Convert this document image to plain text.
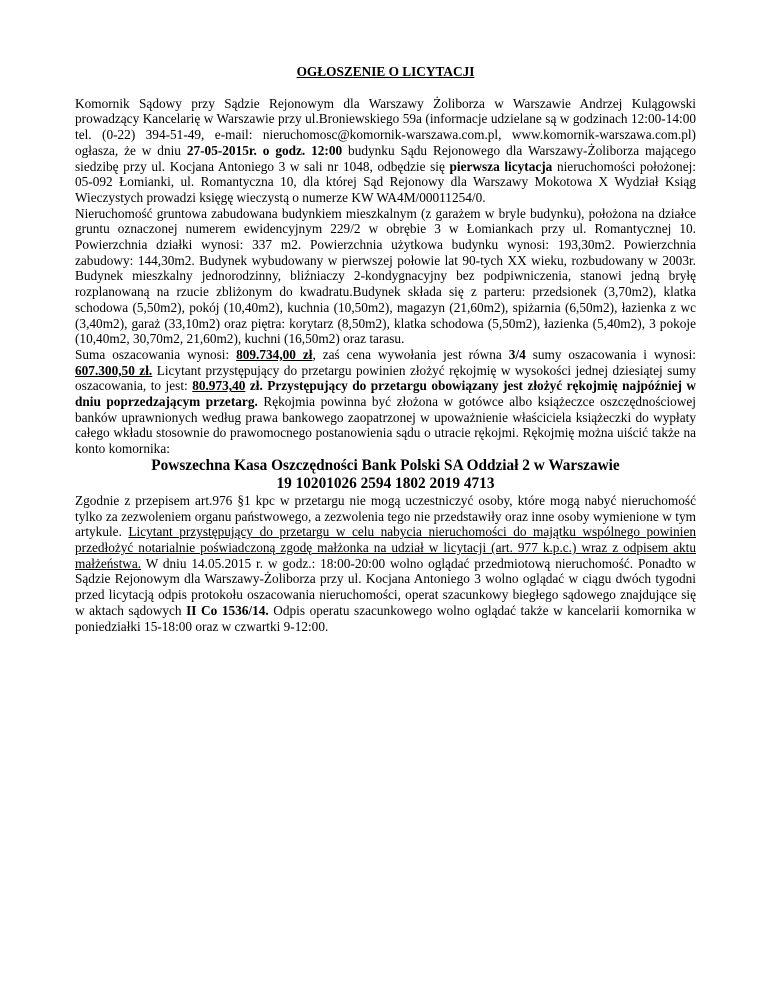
OGŁOSZENIE O LICYTACJI

Komornik Sądowy przy Sądzie Rejonowym dla Warszawy Żoliborza w Warszawie Andrzej Kulągowski prowadzący Kancelarię w Warszawie przy ul.Broniewskiego 59a (informacje udzielane są w godzinach 12:00-14:00 tel. (0-22) 394-51-49, e-mail: nieruchomosc@komornik-warszawa.com.pl, www.komornik-warszawa.com.pl) ogłasza, że w dniu 27-05-2015r. o godz. 12:00 budynku Sądu Rejonowego dla Warszawy-Żoliborza mającego siedzibę przy ul. Kocjana Antoniego 3 w sali nr 1048, odbędzie się pierwsza licytacja nieruchomości położonej: 05-092 Łomianki, ul. Romantyczna 10, dla której Sąd Rejonowy dla Warszawy Mokotowa X Wydział Ksiąg Wieczystych prowadzi księgę wieczystą o numerze KW WA4M/00011254/0.

Nieruchomość gruntowa zabudowana budynkiem mieszkalnym (z garażem w bryle budynku), położona na działce gruntu oznaczonej numerem ewidencyjnym 229/2 w obrębie 3 w Łomiankach przy ul. Romantycznej 10. Powierzchnia działki wynosi: 337 m2. Powierzchnia użytkowa budynku wynosi: 193,30m2. Powierzchnia zabudowy: 144,30m2. Budynek wybudowany w pierwszej połowie lat 90-tych XX wieku, rozbudowany w 2003r. Budynek mieszkalny jednorodzinny, bliźniaczy 2-kondygnacyjny bez podpiwniczenia, stanowi jedną bryłę rozplanowaną na rzucie zbliżonym do kwadratu.Budynek składa się z parteru: przedsionek (3,70m2), klatka schodowa (5,50m2), pokój (10,40m2), kuchnia (10,50m2), magazyn (21,60m2), spiżarnia (6,50m2), łazienka z wc (3,40m2), garaż (33,10m2) oraz piętra: korytarz (8,50m2), klatka schodowa (5,50m2), łazienka (5,40m2), 3 pokoje (10,40m2, 30,70m2, 21,60m2), kuchni (16,50m2) oraz tarasu.

Suma oszacowania wynosi: 809.734,00 zł, zaś cena wywołania jest równa 3/4 sumy oszacowania i wynosi: 607.300,50 zł. Licytant przystępujący do przetargu powinien złożyć rękojmię w wysokości jednej dziesiątej sumy oszacowania, to jest: 80.973,40 zł. Przystępujący do przetargu obowiązany jest złożyć rękojmię najpóźniej w dniu poprzedzającym przetarg. Rękojmia powinna być złożona w gotówce albo książeczce oszczędnościowej banków uprawnionych według prawa bankowego zaopatrzonej w upoważnienie właściciela książeczki do wypłaty całego wkładu stosownie do prawomocnego postanowienia sądu o utracie rękojmi. Rękojmię można uiścić także na konto komornika:

Powszechna Kasa Oszczędności Bank Polski SA Oddział 2 w Warszawie

19 10201026 2594 1802 2019 4713

Zgodnie z przepisem art.976 §1 kpc w przetargu nie mogą uczestniczyć osoby, które mogą nabyć nieruchomość tylko za zezwoleniem organu państwowego, a zezwolenia tego nie przedstawiły oraz inne osoby wymienione w tym artykule. Licytant przystępujący do przetargu w celu nabycia nieruchomości do majątku wspólnego powinien przedłożyć notarialnie poświadczoną zgodę małżonka na udział w licytacji (art. 977 k.p.c.) wraz z odpisem aktu małżeństwa. W dniu 14.05.2015 r. w godz.: 18:00-20:00 wolno oglądać przedmiotową nieruchomość. Ponadto w Sądzie Rejonowym dla Warszawy-Żoliborza przy ul. Kocjana Antoniego 3 wolno oglądać w ciągu dwóch tygodni przed licytacją odpis protokołu oszacowania nieruchomości, operat szacunkowy biegłego sądowego znajdujące się w aktach sądowych II Co 1536/14. Odpis operatu szacunkowego wolno oglądać także w kancelarii komornika w poniedziałki 15-18:00 oraz w czwartki 9-12:00.
